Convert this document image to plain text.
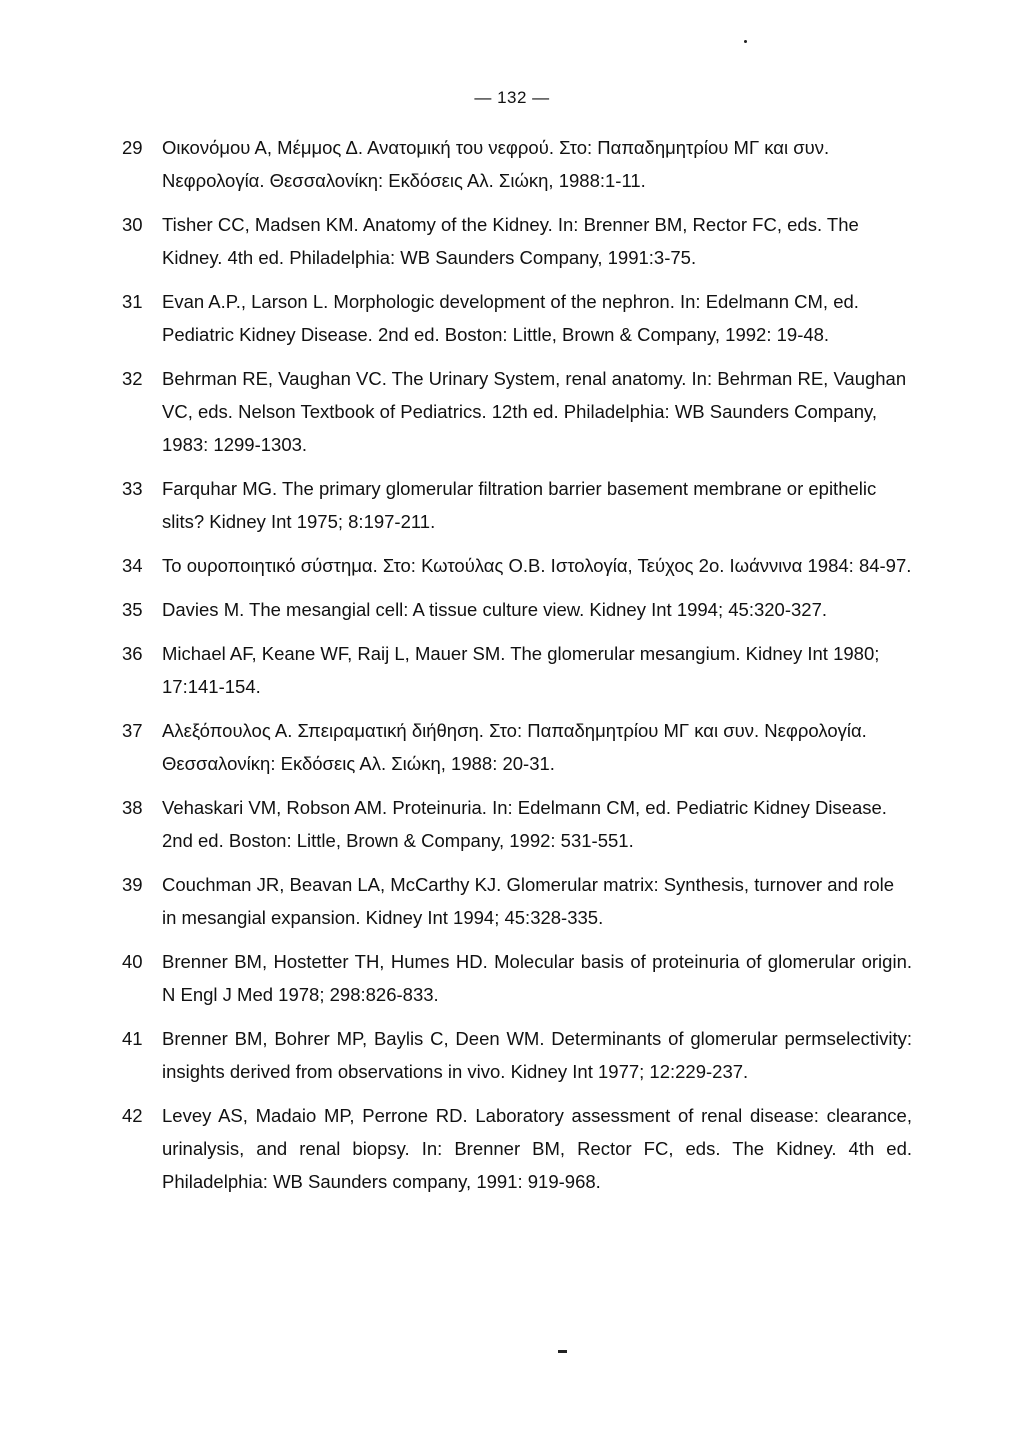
— 132 —
29	Οικονόμου Α, Μέμμος Δ. Ανατομική του νεφρού. Στο: Παπαδημητρίου ΜΓ και συν. Νεφρολογία. Θεσσαλονίκη: Εκδόσεις Αλ. Σιώκη, 1988:1-11.
30	Tisher CC, Madsen KM. Anatomy of the Kidney. In: Brenner BM, Rector FC, eds. The Kidney. 4th ed. Philadelphia: WB Saunders Company, 1991:3-75.
31	Evan A.P., Larson L. Morphologic development of the nephron. In: Edelmann CM, ed. Pediatric Kidney Disease. 2nd ed. Boston: Little, Brown & Company, 1992: 19-48.
32	Behrman RE, Vaughan VC. The Urinary System, renal anatomy. In: Behrman RE, Vaughan VC, eds. Nelson Textbook of Pediatrics. 12th ed. Philadelphia: WB Saunders Company, 1983: 1299-1303.
33	Farquhar MG. The primary glomerular filtration barrier basement membrane or epithelic slits? Kidney Int 1975; 8:197-211.
34	Το ουροποιητικό σύστημα. Στο: Κωτούλας Ο.Β. Ιστολογία, Τεύχος 2ο. Ιωάννινα 1984: 84-97.
35	Davies M. The mesangial cell: A tissue culture view. Kidney Int 1994; 45:320-327.
36	Michael AF, Keane WF, Raij L, Mauer SM. The glomerular mesangium. Kidney Int 1980; 17:141-154.
37	Αλεξόπουλος Α. Σπειραματική διήθηση. Στο: Παπαδημητρίου ΜΓ και συν. Νεφρολογία. Θεσσαλονίκη: Εκδόσεις Αλ. Σιώκη, 1988: 20-31.
38	Vehaskari VM, Robson AM. Proteinuria. In: Edelmann CM, ed. Pediatric Kidney Disease. 2nd ed. Boston: Little, Brown & Company, 1992: 531-551.
39	Couchman JR, Beavan LA, McCarthy KJ. Glomerular matrix: Synthesis, turnover and role in mesangial expansion. Kidney Int 1994; 45:328-335.
40	Brenner BM, Hostetter TH, Humes HD. Molecular basis of proteinuria of glomerular origin. N Engl J Med 1978; 298:826-833.
41	Brenner BM, Bohrer MP, Baylis C, Deen WM. Determinants of glomerular permselectivity: insights derived from observations in vivo. Kidney Int 1977; 12:229-237.
42	Levey AS, Madaio MP, Perrone RD. Laboratory assessment of renal disease: clearance, urinalysis, and renal biopsy. In: Brenner BM, Rector FC, eds. The Kidney. 4th ed. Philadelphia: WB Saunders company, 1991: 919-968.
